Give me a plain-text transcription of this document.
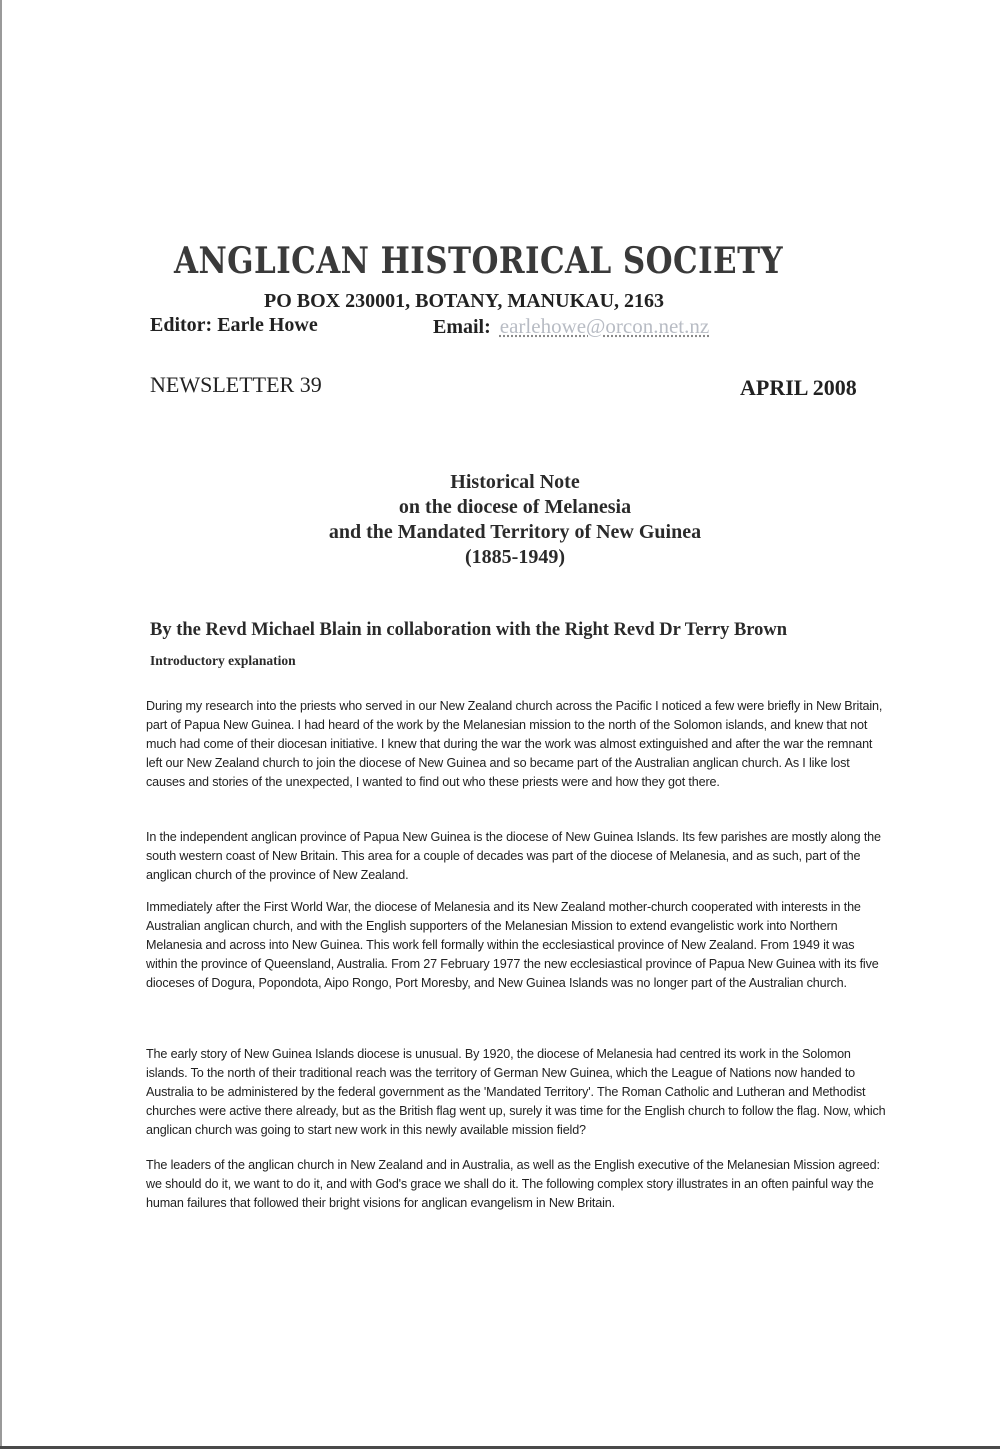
ANGLICAN HISTORICAL SOCIETY
PO BOX 230001, BOTANY, MANUKAU, 2163
Editor: Earle Howe	Email: earlehowe@orcon.net.nz
NEWSLETTER 39	APRIL 2008
Historical Note
on the diocese of Melanesia
and the Mandated Territory of New Guinea
(1885-1949)
By the Revd Michael Blain in collaboration with the Right Revd Dr Terry Brown
Introductory explanation

During my research into the priests who served in our New Zealand church across the Pacific I noticed a few were briefly in New Britain, part of Papua New Guinea. I had heard of the work by the Melanesian mission to the north of the Solomon islands, and knew that not much had come of their diocesan initiative. I knew that during the war the work was almost extinguished and after the war the remnant left our New Zealand church to join the diocese of New Guinea and so became part of the Australian anglican church. As I like lost causes and stories of the unexpected, I wanted to find out who these priests were and how they got there.

In the independent anglican province of Papua New Guinea is the diocese of New Guinea Islands. Its few parishes are mostly along the south western coast of New Britain. This area for a couple of decades was part of the diocese of Melanesia, and as such, part of the anglican church of the province of New Zealand.

Immediately after the First World War, the diocese of Melanesia and its New Zealand mother-church cooperated with interests in the Australian anglican church, and with the English supporters of the Melanesian Mission to extend evangelistic work into Northern Melanesia and across into New Guinea. This work fell formally within the ecclesiastical province of New Zealand. From 1949 it was within the province of Queensland, Australia. From 27 February 1977 the new ecclesiastical province of Papua New Guinea with its five dioceses of Dogura, Popondota, Aipo Rongo, Port Moresby, and New Guinea Islands was no longer part of the Australian church.

The early story of New Guinea Islands diocese is unusual. By 1920, the diocese of Melanesia had centred its work in the Solomon islands. To the north of their traditional reach was the territory of German New Guinea, which the League of Nations now handed to Australia to be administered by the federal government as the 'Mandated Territory'. The Roman Catholic and Lutheran and Methodist churches were active there already, but as the British flag went up, surely it was time for the English church to follow the flag. Now, which anglican church was going to start new work in this newly available mission field?

The leaders of the anglican church in New Zealand and in Australia, as well as the English executive of the Melanesian Mission agreed: we should do it, we want to do it, and with God's grace we shall do it. The following complex story illustrates in an often painful way the human failures that followed their bright visions for anglican evangelism in New Britain.
